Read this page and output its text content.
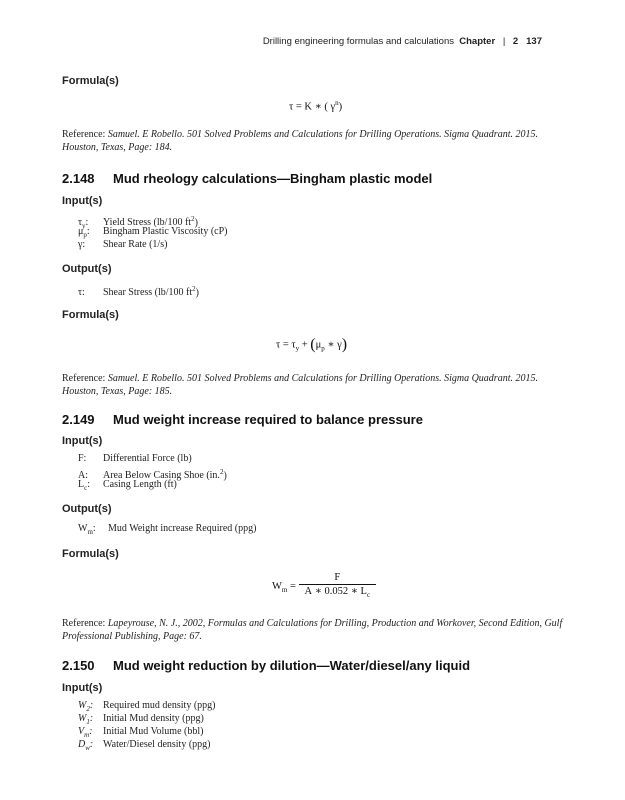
Drilling engineering formulas and calculations Chapter | 2 137
Formula(s)
τ = K ∗ ( $\gamma^n$)
Reference: Samuel. E Robello. 501 Solved Problems and Calculations for Drilling Operations. Sigma Quadrant. 2015. Houston, Texas, Page: 184.
2.148 Mud rheology calculations—Bingham plastic model
Input(s)
$\tau_y$: Yield Stress (lb/100 $ft^2$)
$\mu_p$: Bingham Plastic Viscosity (cP)
γ: Shear Rate (1/s)
Output(s)
τ: Shear Stress (lb/100 $ft^2$)
Formula(s)
$\tau = \tau_y + (\mu_p$ ∗ γ)
Reference: Samuel. E Robello. 501 Solved Problems and Calculations for Drilling Operations. Sigma Quadrant. 2015. Houston, Texas, Page: 185.
2.149 Mud weight increase required to balance pressure
Input(s)
F: Differential Force (lb)
A: Area Below Casing Shoe (in.$^2$)
$L_c$: Casing Length (ft)
Output(s)
$W_m$: Mud Weight increase Required (ppg)
Formula(s)
$W_m = \frac{F}{A ∗ 0.052 ∗ L_c}$
Reference: Lapeyrouse, N. J., 2002, Formulas and Calculations for Drilling, Production and Workover, Second Edition, Gulf Professional Publishing, Page: 67.
2.150 Mud weight reduction by dilution—Water/diesel/any liquid
Input(s)
$W_2$: Required mud density (ppg)
$W_1$: Initial Mud density (ppg)
$V_m$: Initial Mud Volume (bbl)
$D_w$: Water/Diesel density (ppg)
